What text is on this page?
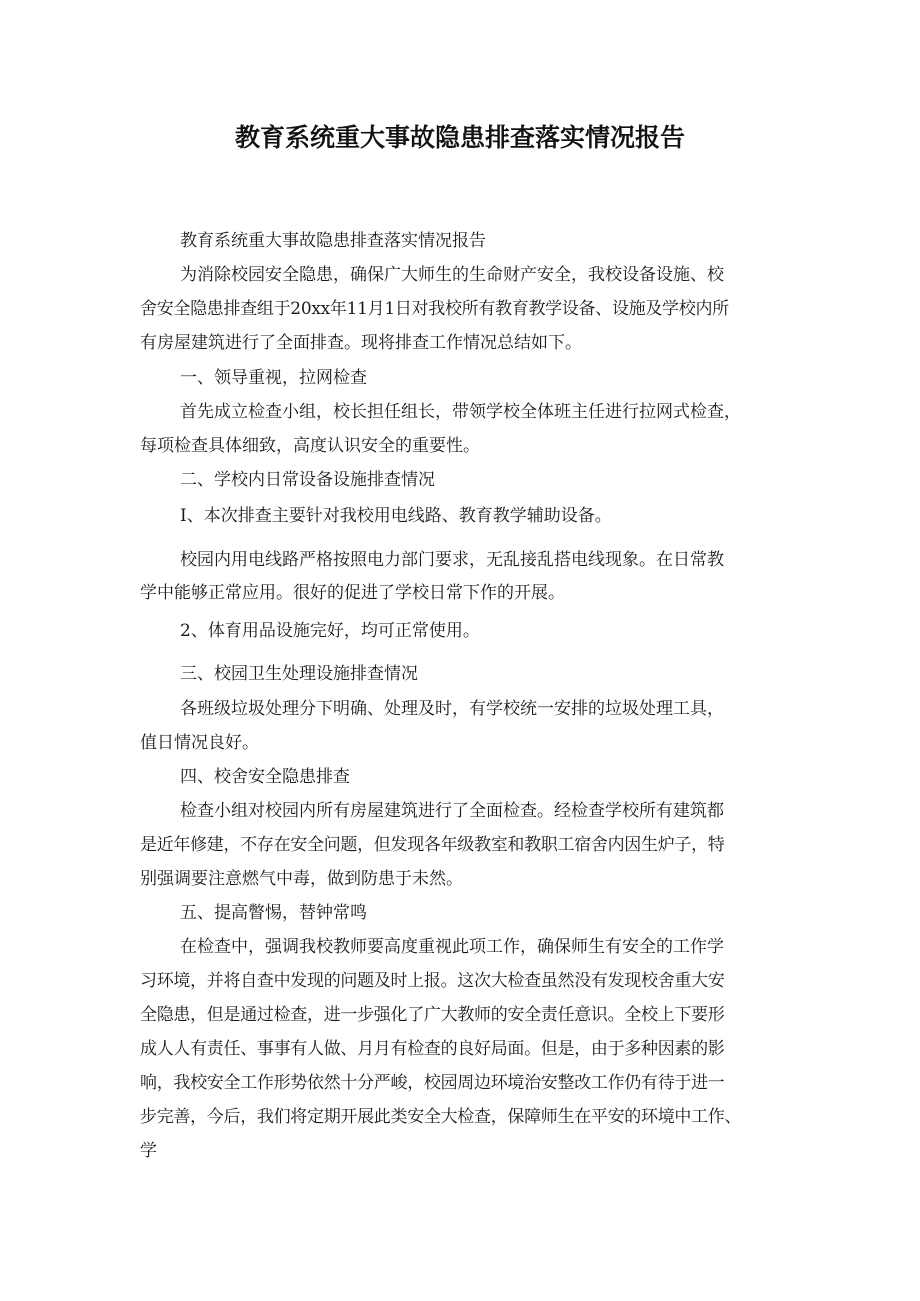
教育系统重大事故隐患排查落实情况报告
教育系统重大事故隐患排查落实情况报告
为消除校园安全隐患，确保广大师生的生命财产安全，我校设备设施、校
舍安全隐患排查组于20xx年11月1日对我校所有教育教学设备、设施及学校内所
有房屋建筑进行了全面排查。现将排查工作情况总结如下。
一、领导重视，拉网检查
首先成立检查小组，校长担任组长，带领学校全体班主任进行拉网式检查，
每项检查具体细致，高度认识安全的重要性。
二、学校内日常设备设施排查情况
I、本次排查主要针对我校用电线路、教育教学辅助设备。
校园内用电线路严格按照电力部门要求，无乱接乱搭电线现象。在日常教
学中能够正常应用。很好的促进了学校日常下作的开展。
2、体育用品设施完好，均可正常使用。
三、校园卫生处理设施排查情况
各班级垃圾处理分下明确、处理及时，有学校统一安排的垃圾处理工具，
值日情况良好。
四、校舍安全隐患排查
检查小组对校园内所有房屋建筑进行了全面检查。经检查学校所有建筑都
是近年修建，不存在安全问题，但发现各年级教室和教职工宿舍内因生炉子，特
别强调要注意燃气中毒，做到防患于未然。
五、提高瞥惕，替钟常鸣
在检查中，强调我校教师要高度重视此项工作，确保师生有安全的工作学
习环境，并将自查中发现的问题及时上报。这次大检查虽然没有发现校舍重大安
全隐患，但是通过检查，进一步强化了广大教师的安全责任意识。全校上下要形
成人人有责任、事事有人做、月月有检查的良好局面。但是，由于多种因素的影
响，我校安全工作形势依然十分严峻，校园周边环境治安整改工作仍有待于进一
步完善，今后，我们将定期开展此类安全大检查，保障师生在平安的环境中工作、
学
